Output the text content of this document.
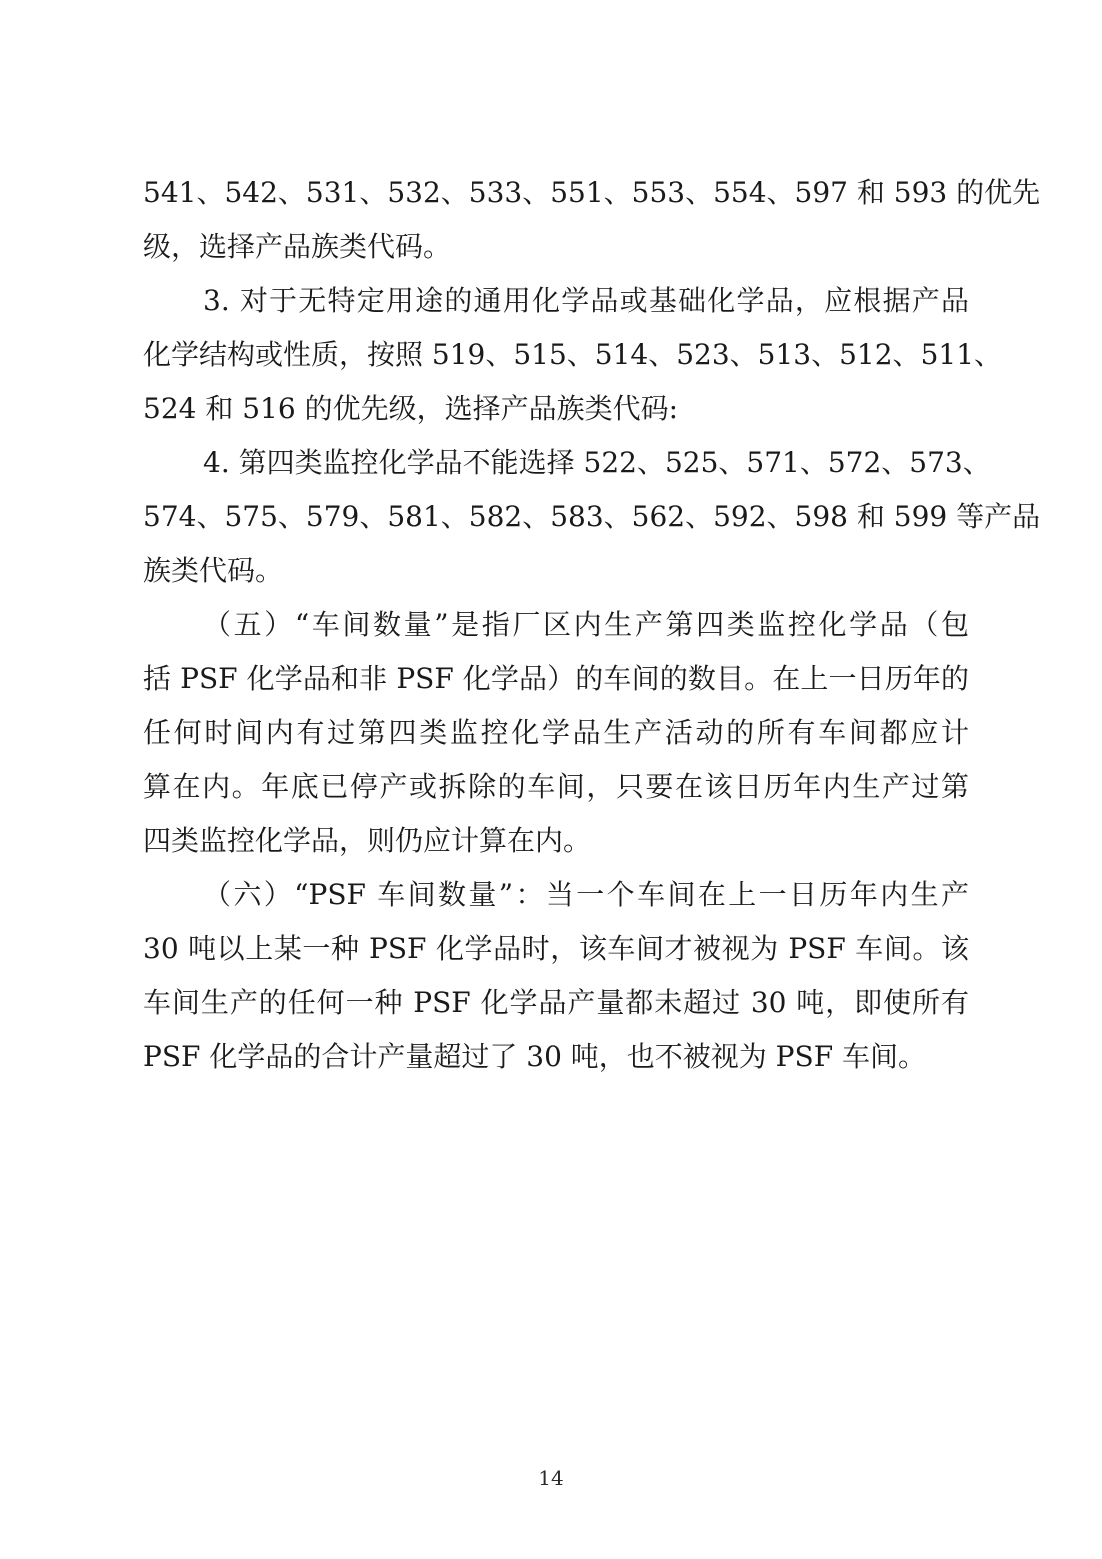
541、542、531、532、533、551、553、554、597 和 593 的优先
级，选择产品族类代码。
3. 对于无特定用途的通用化学品或基础化学品，应根据产品
化学结构或性质，按照 519、515、514、523、513、512、511、
524 和 516 的优先级，选择产品族类代码:
4. 第四类监控化学品不能选择 522、525、571、572、573、
574、575、579、581、582、583、562、592、598 和 599 等产品
族类代码。
（五）“车间数量”是指厂区内生产第四类监控化学品（包
括 PSF 化学品和非 PSF 化学品）的车间的数目。在上一日历年的
任何时间内有过第四类监控化学品生产活动的所有车间都应计
算在内。年底已停产或拆除的车间，只要在该日历年内生产过第
四类监控化学品，则仍应计算在内。
（六）“PSF 车间数量”：当一个车间在上一日历年内生产
30 吨以上某一种 PSF 化学品时，该车间才被视为 PSF 车间。该
车间生产的任何一种 PSF 化学品产量都未超过 30 吨，即使所有
PSF 化学品的合计产量超过了 30 吨，也不被视为 PSF 车间。
14
